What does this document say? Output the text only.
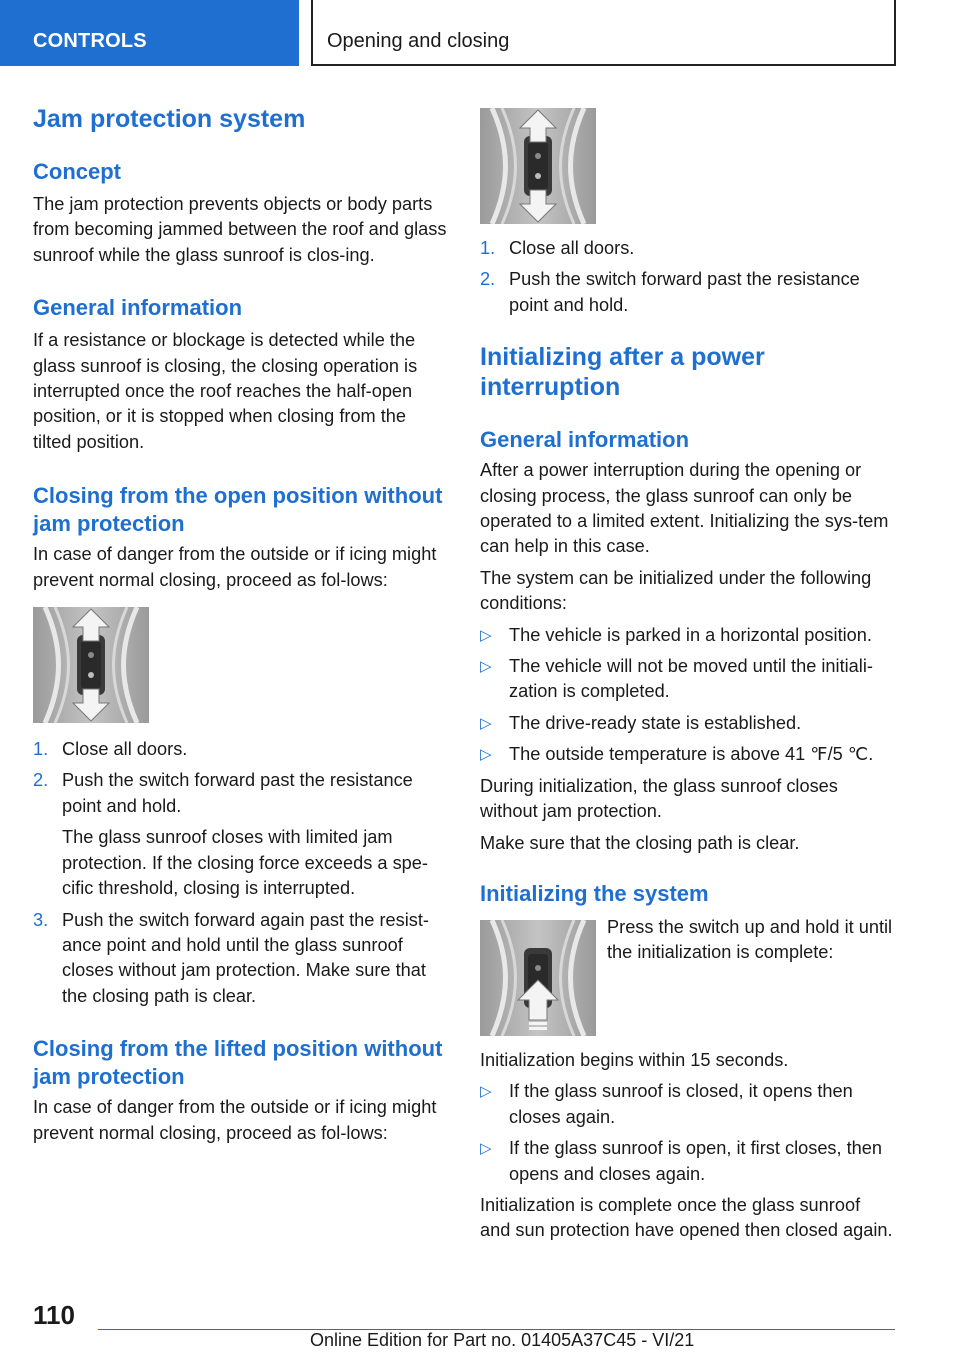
CONTROLS	Opening and closing
Jam protection system
Concept

The jam protection prevents objects or body parts from becoming jammed between the roof and glass sunroof while the glass sunroof is clos-ing.

General information

If a resistance or blockage is detected while the glass sunroof is closing, the closing operation is interrupted once the roof reaches the half-open position, or it is stopped when closing from the tilted position.

Closing from the open position without jam protection

In case of danger from the outside or if icing might prevent normal closing, proceed as fol-lows:

1. Close all doors.
2. Push the switch forward past the resistance point and hold.
The glass sunroof closes with limited jam protection. If the closing force exceeds a spe-cific threshold, closing is interrupted.
3. Push the switch forward again past the resist-ance point and hold until the glass sunroof closes without jam protection. Make sure that the closing path is clear.
Closing from the lifted position without jam protection

In case of danger from the outside or if icing might prevent normal closing, proceed as fol-lows:

1. Close all doors.
2. Push the switch forward past the resistance point and hold.
Initializing after a power interruption
General information

After a power interruption during the opening or closing process, the glass sunroof can only be operated to a limited extent. Initializing the sys-tem can help in this case.

The system can be initialized under the following conditions:

▷ The vehicle is parked in a horizontal position.
▷ The vehicle will not be moved until the initiali-zation is completed.
▷ The drive-ready state is established.
▷ The outside temperature is above 41 ℉/5 ℃.

During initialization, the glass sunroof closes without jam protection.

Make sure that the closing path is clear.

Initializing the system

Press the switch up and hold it until the initialization is complete:

Initialization begins within 15 seconds.

▷ If the glass sunroof is closed, it opens then closes again.
▷ If the glass sunroof is open, it first closes, then opens and closes again.

Initialization is complete once the glass sunroof and sun protection have opened then closed again.

110
Online Edition for Part no. 01405A37C45 - VI/21
